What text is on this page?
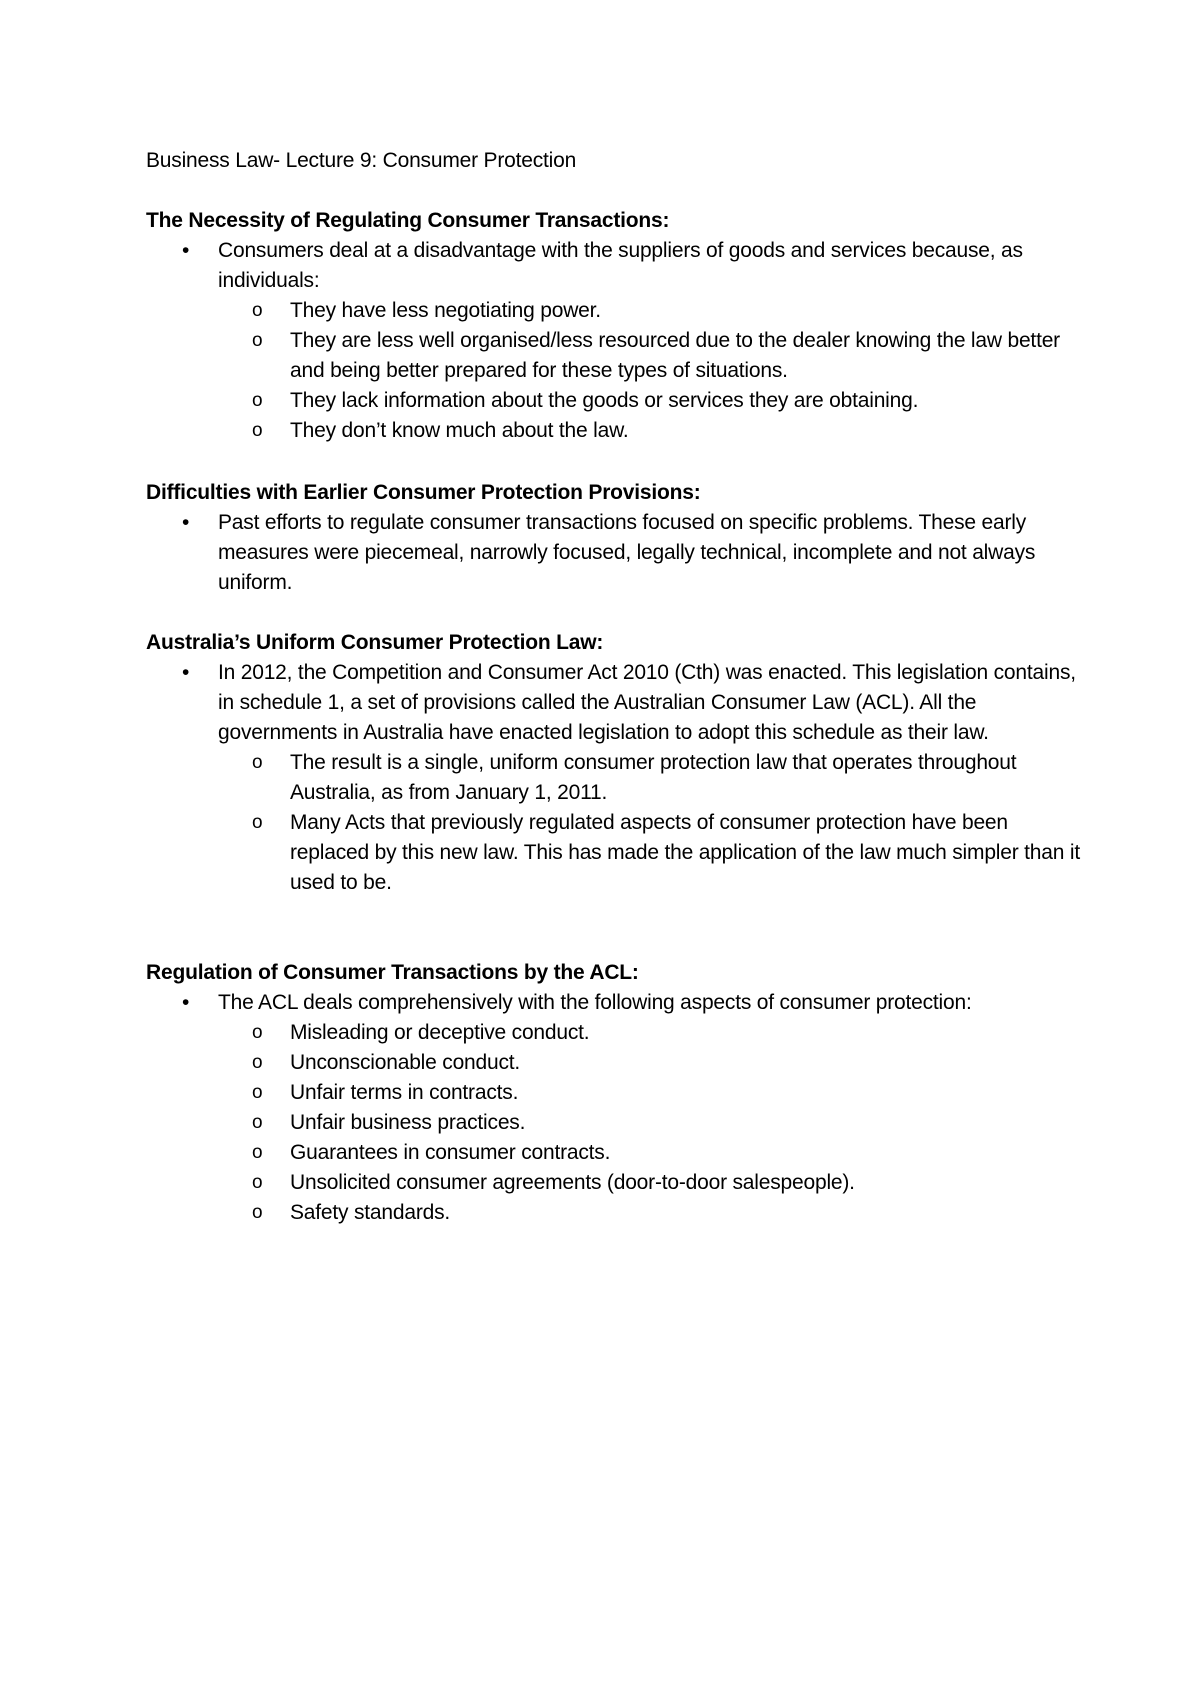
Business Law- Lecture 9: Consumer Protection
The Necessity of Regulating Consumer Transactions:
• Consumers deal at a disadvantage with the suppliers of goods and services because, as individuals:
o They have less negotiating power.
o They are less well organised/less resourced due to the dealer knowing the law better and being better prepared for these types of situations.
o They lack information about the goods or services they are obtaining.
o They don’t know much about the law.
Difficulties with Earlier Consumer Protection Provisions:
• Past efforts to regulate consumer transactions focused on specific problems. These early measures were piecemeal, narrowly focused, legally technical, incomplete and not always uniform.
Australia’s Uniform Consumer Protection Law:
• In 2012, the Competition and Consumer Act 2010 (Cth) was enacted. This legislation contains, in schedule 1, a set of provisions called the Australian Consumer Law (ACL). All the governments in Australia have enacted legislation to adopt this schedule as their law.
o The result is a single, uniform consumer protection law that operates throughout Australia, as from January 1, 2011.
o Many Acts that previously regulated aspects of consumer protection have been replaced by this new law. This has made the application of the law much simpler than it used to be.
Regulation of Consumer Transactions by the ACL:
• The ACL deals comprehensively with the following aspects of consumer protection:
o Misleading or deceptive conduct.
o Unconscionable conduct.
o Unfair terms in contracts.
o Unfair business practices.
o Guarantees in consumer contracts.
o Unsolicited consumer agreements (door-to-door salespeople).
o Safety standards.
